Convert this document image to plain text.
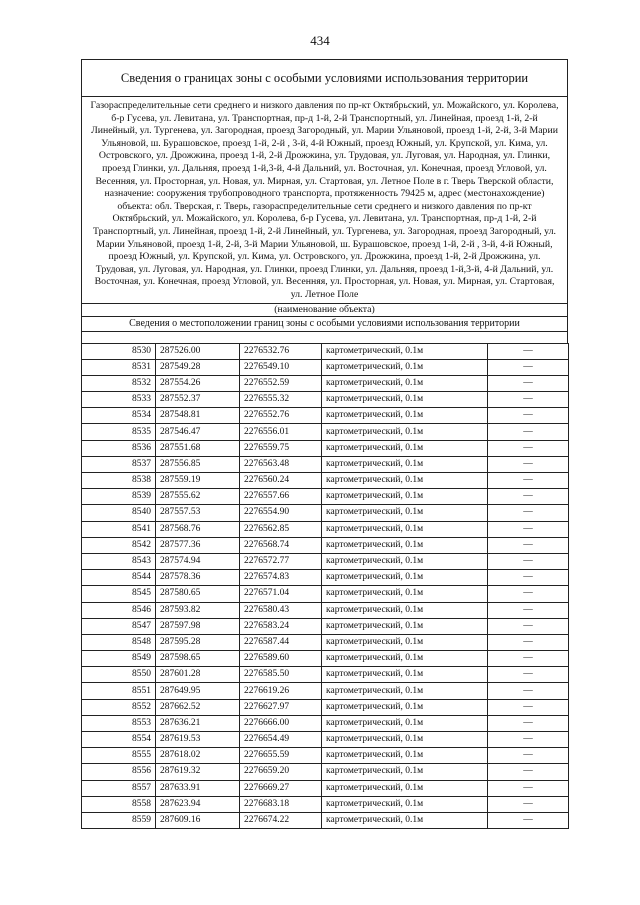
434
Сведения о границах зоны с особыми условиями использования территории
Газораспределительные сети среднего и низкого давления по пр-кт Октябрьский, ул. Можайского, ул. Королева, б-р Гусева, ул. Левитана, ул. Транспортная, пр-д 1-й, 2-й Транспортный, ул. Линейная, проезд 1-й, 2-й Линейный, ул. Тургенева, ул. Загородная, проезд Загородный, ул. Марии Ульяновой, проезд 1-й, 2-й, 3-й Марии Ульяновой, ш. Бурашовское, проезд 1-й, 2-й , 3-й, 4-й Южный, проезд Южный, ул. Крупской, ул. Кима, ул. Островского, ул. Дрожжина, проезд 1-й, 2-й Дрожжина, ул. Трудовая, ул. Луговая, ул. Народная, ул. Глинки, проезд Глинки, ул. Дальняя, проезд 1-й,3-й, 4-й Дальний, ул. Восточная, ул. Конечная, проезд Угловой, ул. Весенняя, ул. Просторная, ул. Новая, ул. Мирная, ул. Стартовая, ул. Летное Поле в г. Тверь Тверской области, назначение: сооружения трубопроводного транспорта, протяженность 79425 м, адрес (местонахождение) объекта: обл. Тверская, г. Тверь, газораспределительные сети среднего и низкого давления по пр-кт Октябрьский, ул. Можайского, ул. Королева, б-р Гусева, ул. Левитана, ул. Транспортная, пр-д 1-й, 2-й Транспортный, ул. Линейная, проезд 1-й, 2-й Линейный, ул. Тургенева, ул. Загородная, проезд Загородный, ул. Марии Ульяновой, проезд 1-й, 2-й, 3-й Марии Ульяновой, ш. Бурашовское, проезд 1-й, 2-й , 3-й, 4-й Южный, проезд Южный, ул. Крупской, ул. Кима, ул. Островского, ул. Дрожжина, проезд 1-й, 2-й Дрожжина, ул. Трудовая, ул. Луговая, ул. Народная, ул. Глинки, проезд Глинки, ул. Дальняя, проезд 1-й,3-й, 4-й Дальний, ул. Восточная, ул. Конечная, проезд Угловой, ул. Весенняя, ул. Просторная, ул. Новая, ул. Мирная, ул. Стартовая, ул. Летное Поле
(наименование объекта)
Сведения о местоположении границ зоны с особыми условиями использования территории
8530	287526.00	2276532.76	картометрический, 0.1м	—
8531	287549.28	2276549.10	картометрический, 0.1м	—
8532	287554.26	2276552.59	картометрический, 0.1м	—
8533	287552.37	2276555.32	картометрический, 0.1м	—
8534	287548.81	2276552.76	картометрический, 0.1м	—
8535	287546.47	2276556.01	картометрический, 0.1м	—
8536	287551.68	2276559.75	картометрический, 0.1м	—
8537	287556.85	2276563.48	картометрический, 0.1м	—
8538	287559.19	2276560.24	картометрический, 0.1м	—
8539	287555.62	2276557.66	картометрический, 0.1м	—
8540	287557.53	2276554.90	картометрический, 0.1м	—
8541	287568.76	2276562.85	картометрический, 0.1м	—
8542	287577.36	2276568.74	картометрический, 0.1м	—
8543	287574.94	2276572.77	картометрический, 0.1м	—
8544	287578.36	2276574.83	картометрический, 0.1м	—
8545	287580.65	2276571.04	картометрический, 0.1м	—
8546	287593.82	2276580.43	картометрический, 0.1м	—
8547	287597.98	2276583.24	картометрический, 0.1м	—
8548	287595.28	2276587.44	картометрический, 0.1м	—
8549	287598.65	2276589.60	картометрический, 0.1м	—
8550	287601.28	2276585.50	картометрический, 0.1м	—
8551	287649.95	2276619.26	картометрический, 0.1м	—
8552	287662.52	2276627.97	картометрический, 0.1м	—
8553	287636.21	2276666.00	картометрический, 0.1м	—
8554	287619.53	2276654.49	картометрический, 0.1м	—
8555	287618.02	2276655.59	картометрический, 0.1м	—
8556	287619.32	2276659.20	картометрический, 0.1м	—
8557	287633.91	2276669.27	картометрический, 0.1м	—
8558	287623.94	2276683.18	картометрический, 0.1м	—
8559	287609.16	2276674.22	картометрический, 0.1м	—
